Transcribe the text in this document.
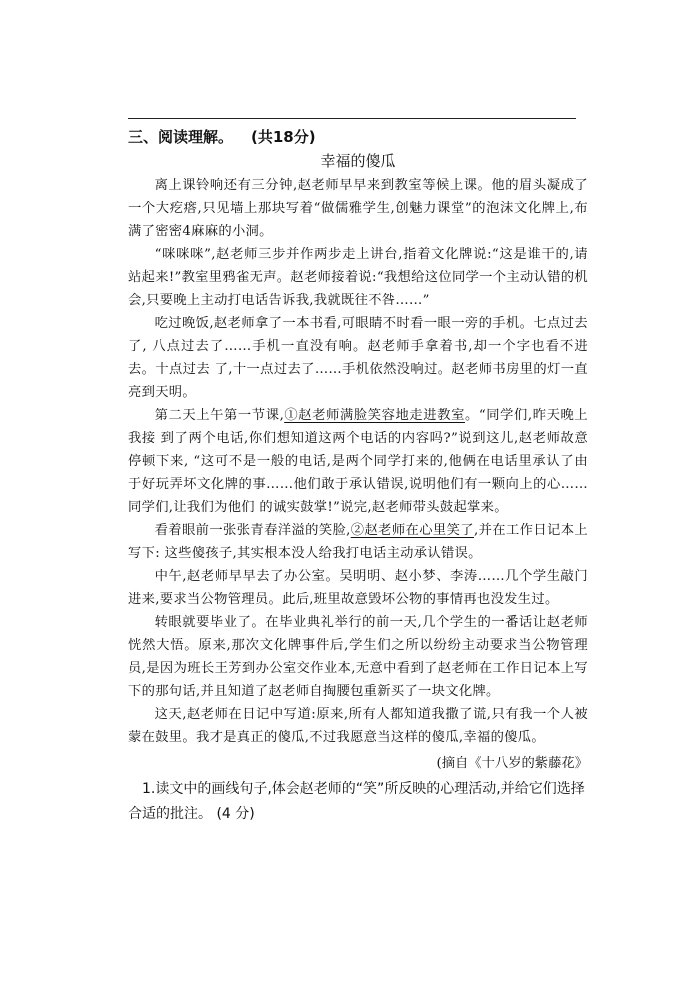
三、阅读理解。 (共18分)

幸福的傻瓜

离上课铃响还有三分钟,赵老师早早来到教室等候上课。他的眉头凝成了一个大疙瘩,只见墙上那块写着“做儒雅学生,创魅力课堂”的泡沫文化牌上,布满了密密4麻麻的小洞。

“咪咪咪”,赵老师三步并作两步走上讲台,指着文化牌说:“这是谁干的,请站起来!”教室里鸦雀无声。赵老师接着说:“我想给这位同学一个主动认错的机会,只要晚上主动打电话告诉我,我就既往不咎……”

吃过晚饭,赵老师拿了一本书看,可眼睛不时看一眼一旁的手机。七点过去了, 八点过去了……手机一直没有响。赵老师手拿着书,却一个字也看不进去。十点过去 了,十一点过去了……手机依然没响过。赵老师书房里的灯一直亮到天明。

第二天上午第一节课,①赵老师满脸笑容地走进教室。“同学们,昨天晚上我接 到了两个电话,你们想知道这两个电话的内容吗?”说到这儿,赵老师故意停顿下来, “这可不是一般的电话,是两个同学打来的,他俩在电话里承认了由于好玩弄坏文化牌的事……他们敢于承认错误,说明他们有一颗向上的心……同学们,让我们为他们 的诚实鼓掌!”说完,赵老师带头鼓起掌来。

看着眼前一张张青春洋溢的笑脸,②赵老师在心里笑了,并在工作日记本上写下: 这些傻孩子,其实根本没人给我打电话主动承认错误。

中午,赵老师早早去了办公室。吴明明、赵小梦、李涛……几个学生敲门进来,要求当公物管理员。此后,班里故意毁坏公物的事情再也没发生过。

转眼就要毕业了。在毕业典礼举行的前一天,几个学生的一番话让赵老师恍然大悟。原来,那次文化牌事件后,学生们之所以纷纷主动要求当公物管理员,是因为班长王芳到办公室交作业本,无意中看到了赵老师在工作日记本上写下的那句话,并且知道了赵老师自掏腰包重新买了一块文化牌。

这天,赵老师在日记中写道:原来,所有人都知道我撒了谎,只有我一个人被蒙在鼓里。我才是真正的傻瓜,不过我愿意当这样的傻瓜,幸福的傻瓜。

(摘自《十八岁的紫藤花》

1.读文中的画线句子,体会赵老师的“笑”所反映的心理活动,并给它们选择合适的批注。 (4 分)
